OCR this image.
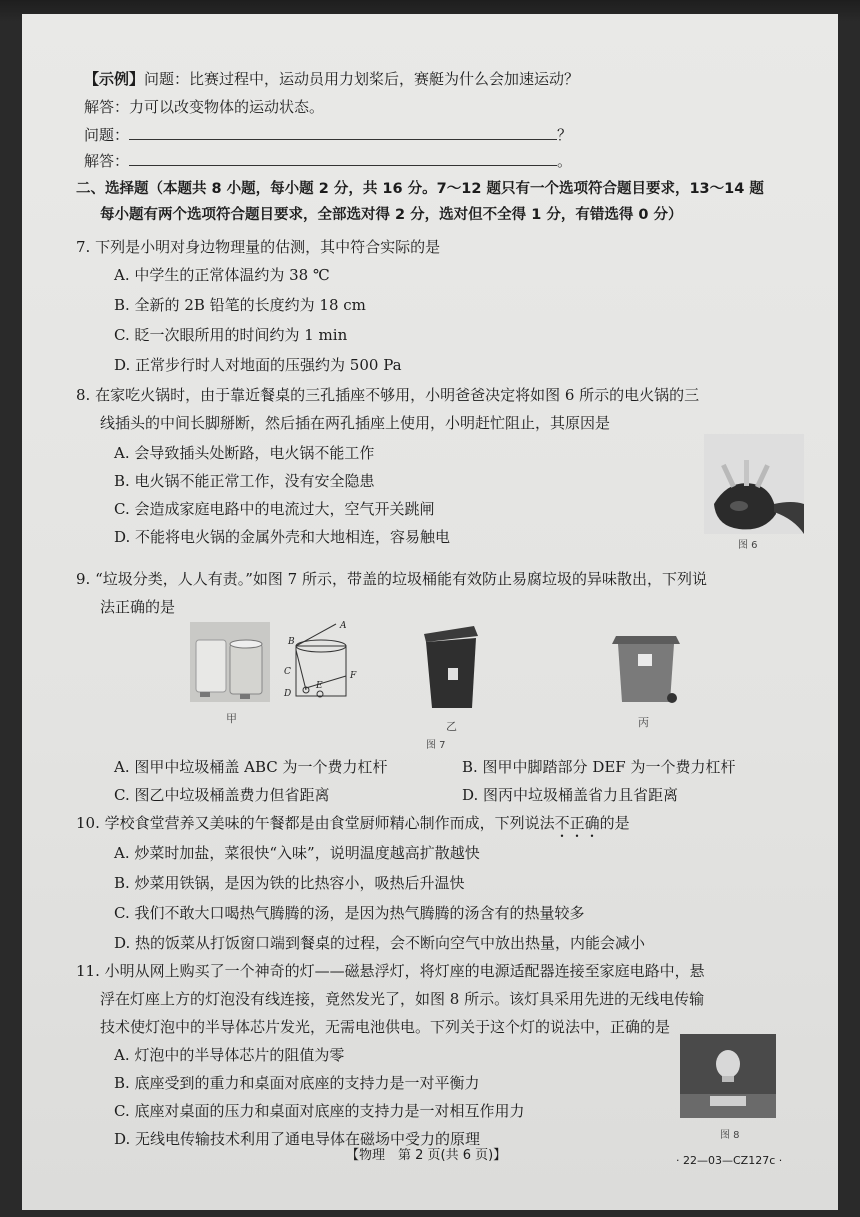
【示例】问题：比赛过程中，运动员用力划桨后，赛艇为什么会加速运动？
解答：力可以改变物体的运动状态。
问题：	？
解答：	。
二、选择题（本题共 8 小题，每小题 2 分，共 16 分。7～12 题只有一个选项符合题目要求，13～14 题
每小题有两个选项符合题目要求，全部选对得 2 分，选对但不全得 1 分，有错选得 0 分）
7. 下列是小明对身边物理量的估测，其中符合实际的是
A. 中学生的正常体温约为 38 ℃
B. 全新的 2B 铅笔的长度约为 18 cm
C. 眨一次眼所用的时间约为 1 min
D. 正常步行时人对地面的压强约为 500 Pa
8. 在家吃火锅时，由于靠近餐桌的三孔插座不够用，小明爸爸决定将如图 6 所示的电火锅的三
线插头的中间长脚掰断，然后插在两孔插座上使用，小明赶忙阻止，其原因是
A. 会导致插头处断路，电火锅不能工作
B. 电火锅不能正常工作，没有安全隐患
C. 会造成家庭电路中的电流过大，空气开关跳闸
D. 不能将电火锅的金属外壳和大地相连，容易触电	图 6
9. “垃圾分类，人人有责。”如图 7 所示，带盖的垃圾桶能有效防止易腐垃圾的异味散出，下列说
法正确的是
B
A
C
D
E
F
甲
乙	丙
图 7
A. 图甲中垃圾桶盖 ABC 为一个费力杠杆	B. 图甲中脚踏部分 DEF 为一个费力杠杆
C. 图乙中垃圾桶盖费力但省距离	D. 图丙中垃圾桶盖省力且省距离
10. 学校食堂营养又美味的午餐都是由食堂厨师精心制作而成，下列说法不正确的是
A. 炒菜时加盐，菜很快“入味”，说明温度越高扩散越快
B. 炒菜用铁锅，是因为铁的比热容小，吸热后升温快
C. 我们不敢大口喝热气腾腾的汤，是因为热气腾腾的汤含有的热量较多
D. 热的饭菜从打饭窗口端到餐桌的过程，会不断向空气中放出热量，内能会减小
11. 小明从网上购买了一个神奇的灯——磁悬浮灯，将灯座的电源适配器连接至家庭电路中，悬
浮在灯座上方的灯泡没有线连接，竟然发光了，如图 8 所示。该灯具采用先进的无线电传输
技术使灯泡中的半导体芯片发光，无需电池供电。下列关于这个灯的说法中，正确的是
A. 灯泡中的半导体芯片的阻值为零
B. 底座受到的重力和桌面对底座的支持力是一对平衡力
C. 底座对桌面的压力和桌面对底座的支持力是一对相互作用力
D. 无线电传输技术利用了通电导体在磁场中受力的原理	图 8
【物理　第 2 页(共 6 页)】	· 22—03—CZ127c ·
